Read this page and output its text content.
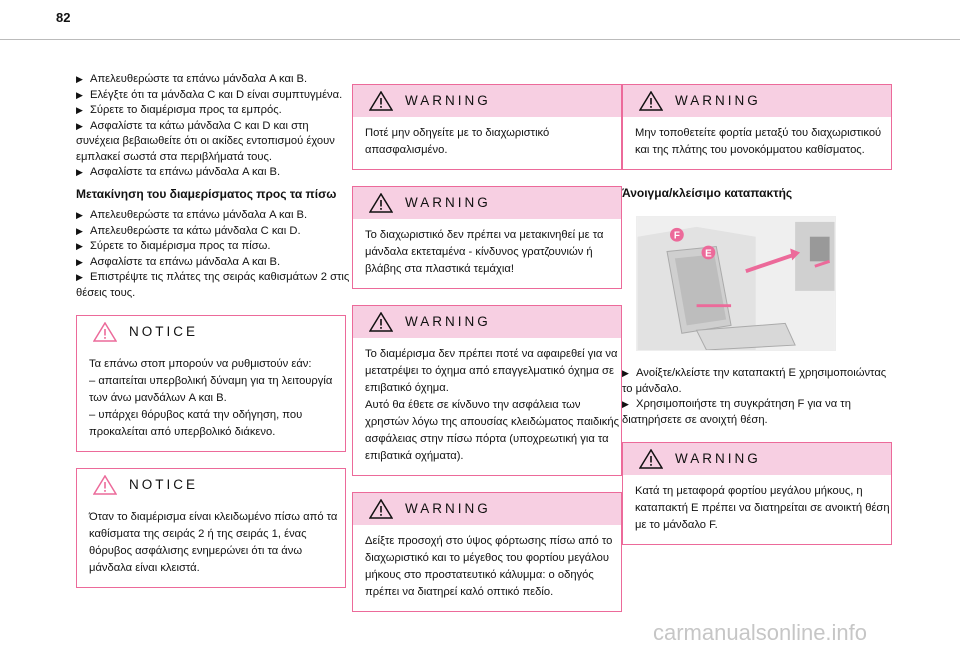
82
▶Απελευθερώστε τα επάνω μάνδαλα A και B.
▶Ελέγξτε ότι τα μάνδαλα C και D είναι συμπτυγμένα.
▶Σύρετε το διαμέρισμα προς τα εμπρός.
▶Ασφαλίστε τα κάτω μάνδαλα C και D και στη
συνέχεια βεβαιωθείτε ότι οι ακίδες εντοπισμού έχουν
εμπλακεί σωστά στα περιβλήματά τους.
▶Ασφαλίστε τα επάνω μάνδαλα A και B.
Μετακίνηση του διαμερίσματος προς τα πίσω
▶Απελευθερώστε τα επάνω μάνδαλα A και B.
▶Απελευθερώστε τα κάτω μάνδαλα C και D.
▶Σύρετε το διαμέρισμα προς τα πίσω.
▶Ασφαλίστε τα επάνω μάνδαλα A και B.
▶Επιστρέψτε τις πλάτες της σειράς καθισμάτων 2 στις
θέσεις τους.
NOTICE
Τα επάνω στοπ μπορούν να ρυθμιστούν εάν:
– απαιτείται υπερβολική δύναμη για τη λειτουργία
των άνω μανδάλων A και B.
– υπάρχει θόρυβος κατά την οδήγηση, που
προκαλείται από υπερβολικό διάκενο.
NOTICE
Όταν το διαμέρισμα είναι κλειδωμένο πίσω από τα
καθίσματα της σειράς 2 ή της σειράς 1, ένας
θόρυβος ασφάλισης ενημερώνει ότι τα άνω
μάνδαλα είναι κλειστά.
WARNING
Ποτέ μην οδηγείτε με το διαχωριστικό
απασφαλισμένο.
WARNING
Το διαχωριστικό δεν πρέπει να μετακινηθεί με τα
μάνδαλα εκτεταμένα - κίνδυνος γρατζουνιών ή
βλάβης στα πλαστικά τεμάχια!
WARNING
Το διαμέρισμα δεν πρέπει ποτέ να αφαιρεθεί για να
μετατρέψει το όχημα από επαγγελματικό όχημα σε
επιβατικό όχημα.
Αυτό θα έθετε σε κίνδυνο την ασφάλεια των
χρηστών λόγω της απουσίας κλειδώματος παιδικής
ασφάλειας στην πίσω πόρτα (υποχρεωτική για τα
επιβατικά οχήματα).
WARNING
Δείξτε προσοχή στο ύψος φόρτωσης πίσω από το
διαχωριστικό και το μέγεθος του φορτίου μεγάλου
μήκους στο προστατευτικό κάλυμμα: ο οδηγός
πρέπει να διατηρεί καλό οπτικό πεδίο.
WARNING
Μην τοποθετείτε φορτία μεταξύ του διαχωριστικού
και της πλάτης του μονοκόμματου καθίσματος.
Άνοιγμα/κλείσιμο καταπακτής
F
E
▶Ανοίξτε/κλείστε την καταπακτή E χρησιμοποιώντας
το μάνδαλο.
▶Χρησιμοποιήστε τη συγκράτηση F για να τη
διατηρήσετε σε ανοιχτή θέση.
WARNING
Κατά τη μεταφορά φορτίου μεγάλου μήκους, η
καταπακτή E πρέπει να διατηρείται σε ανοικτή θέση
με το μάνδαλο F.
carmanualsonline.info
